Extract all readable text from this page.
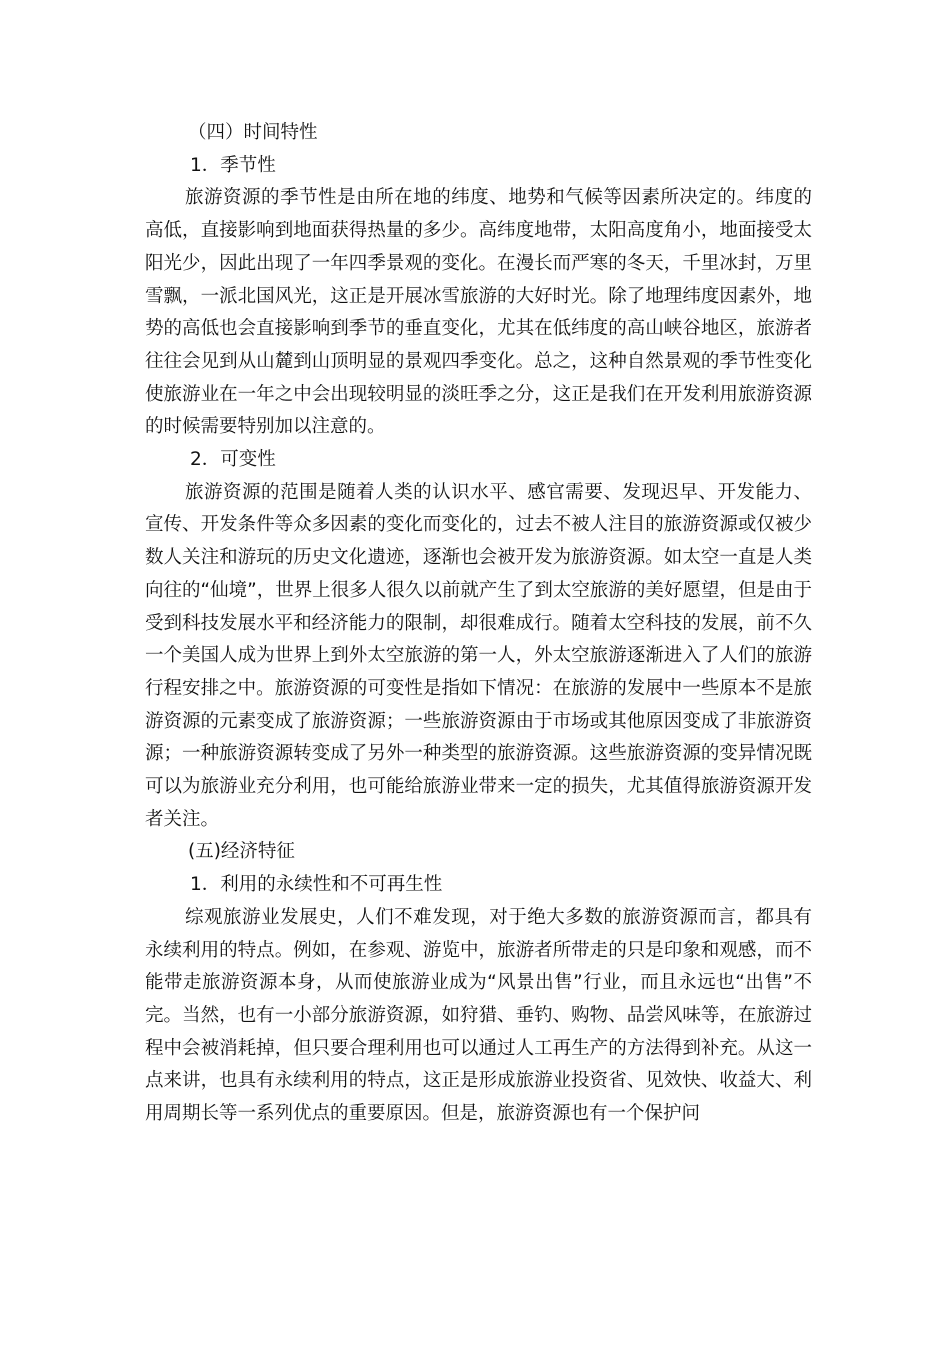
（四）时间特性
1．季节性

旅游资源的季节性是由所在地的纬度、地势和气候等因素所决定的。纬度的高低，直接影响到地面获得热量的多少。高纬度地带，太阳高度角小，地面接受太阳光少，因此出现了一年四季景观的变化。在漫长而严寒的冬天，千里冰封，万里雪飘，一派北国风光，这正是开展冰雪旅游的大好时光。除了地理纬度因素外，地势的高低也会直接影响到季节的垂直变化，尤其在低纬度的高山峡谷地区，旅游者往往会见到从山麓到山顶明显的景观四季变化。总之，这种自然景观的季节性变化使旅游业在一年之中会出现较明显的淡旺季之分，这正是我们在开发利用旅游资源的时候需要特别加以注意的。

2．可变性

旅游资源的范围是随着人类的认识水平、感官需要、发现迟早、开发能力、宣传、开发条件等众多因素的变化而变化的，过去不被人注目的旅游资源或仅被少数人关注和游玩的历史文化遗迹，逐渐也会被开发为旅游资源。如太空一直是人类向往的“仙境”，世界上很多人很久以前就产生了到太空旅游的美好愿望，但是由于受到科技发展水平和经济能力的限制，却很难成行。随着太空科技的发展，前不久一个美国人成为世界上到外太空旅游的第一人，外太空旅游逐渐进入了人们的旅游行程安排之中。旅游资源的可变性是指如下情况：在旅游的发展中一些原本不是旅游资源的元素变成了旅游资源；一些旅游资源由于市场或其他原因变成了非旅游资源；一种旅游资源转变成了另外一种类型的旅游资源。这些旅游资源的变异情况既可以为旅游业充分利用，也可能给旅游业带来一定的损失，尤其值得旅游资源开发者关注。

(五)经济特征
1．利用的永续性和不可再生性

综观旅游业发展史，人们不难发现，对于绝大多数的旅游资源而言，都具有永续利用的特点。例如，在参观、游览中，旅游者所带走的只是印象和观感，而不能带走旅游资源本身，从而使旅游业成为“风景出售”行业，而且永远也“出售”不完。当然，也有一小部分旅游资源，如狩猎、垂钓、购物、品尝风味等，在旅游过程中会被消耗掉，但只要合理利用也可以通过人工再生产的方法得到补充。从这一点来讲，也具有永续利用的特点，这正是形成旅游业投资省、见效快、收益大、利用周期长等一系列优点的重要原因。但是，旅游资源也有一个保护问
